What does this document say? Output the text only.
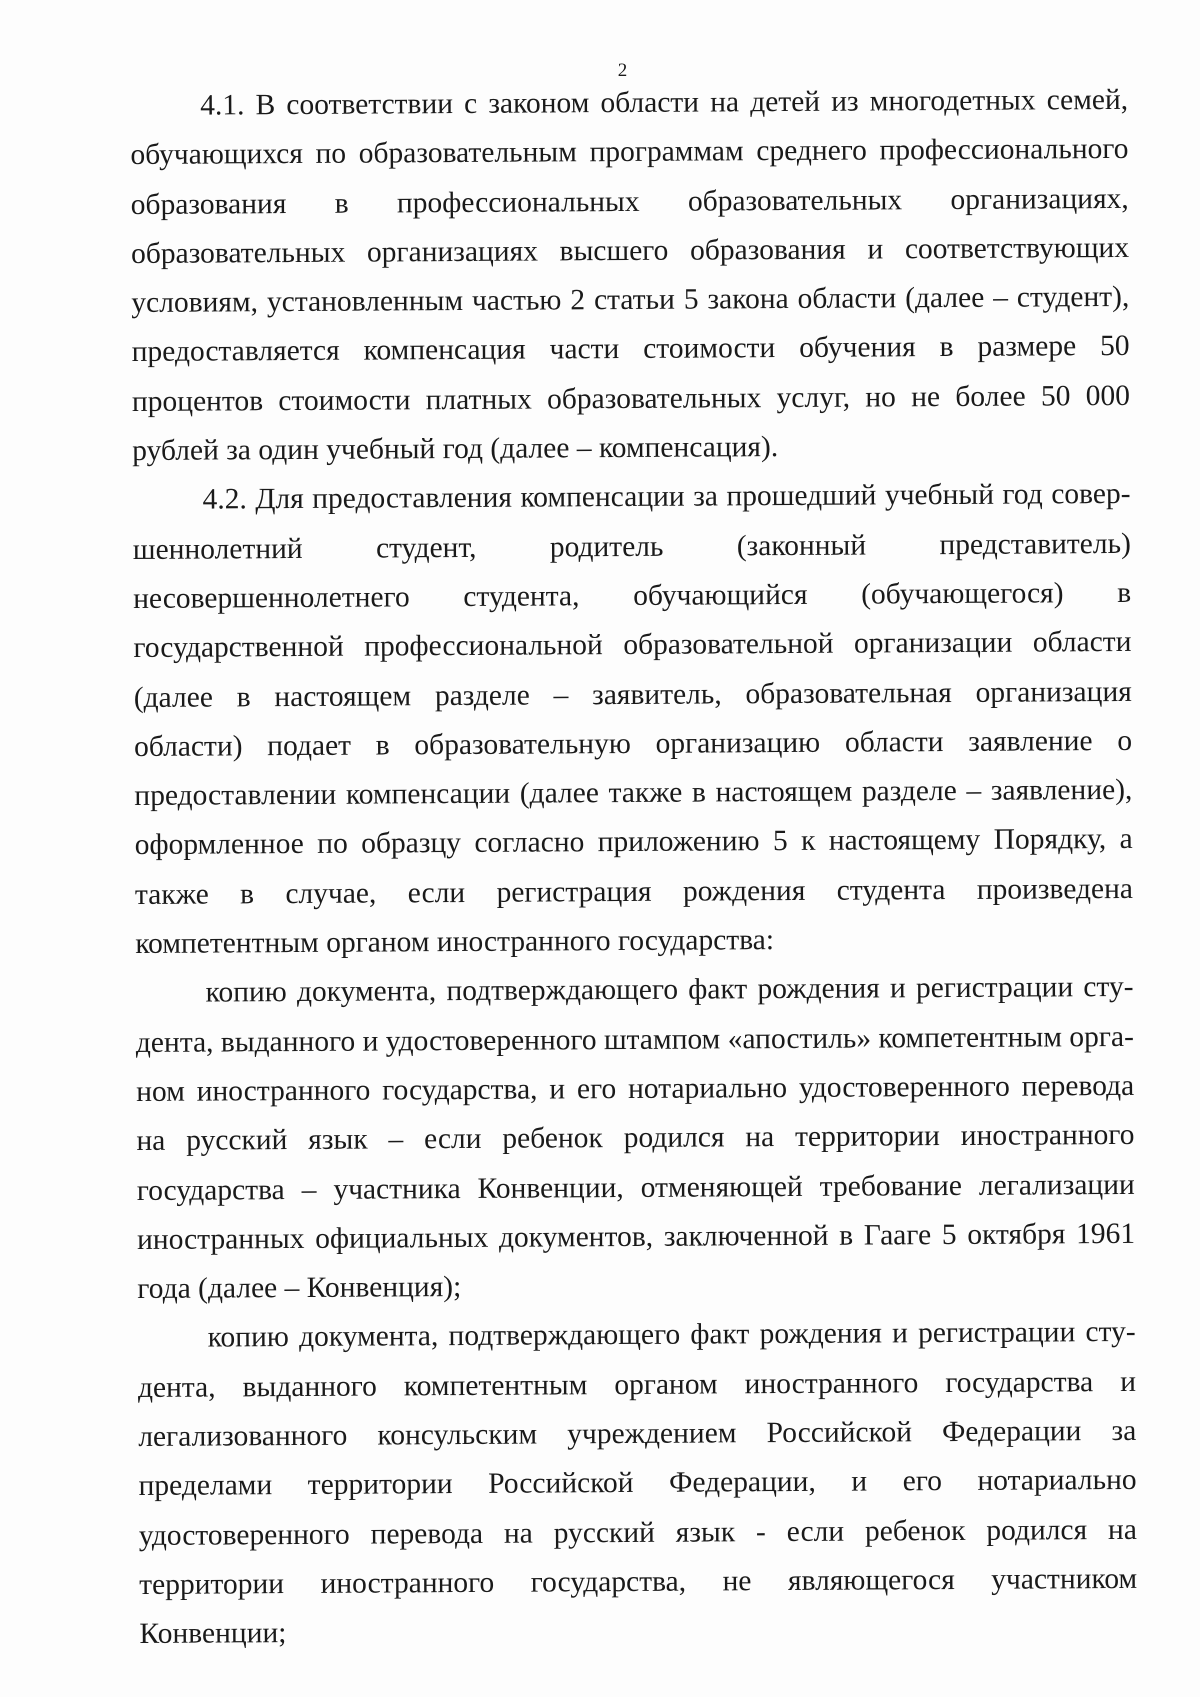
2

4.1. В соответствии с законом области на детей из многодетных семей, обучающихся по образовательным программам среднего профессионального образования в профессиональных образовательных организациях, образовательных организациях высшего образования и соответствующих условиям, установленным частью 2 статьи 5 закона области (далее – студент), предоставляется компенсация части стоимости обучения в размере 50 процентов стоимости платных образовательных услуг, но не более 50 000 рублей за один учебный год (далее – компенсация).

4.2. Для предоставления компенсации за прошедший учебный год совершеннолетний студент, родитель (законный представитель) несовершеннолетнего студента, обучающийся (обучающегося) в государственной профессиональной образовательной организации области (далее в настоящем разделе – заявитель, образовательная организация области) подает в образовательную организацию области заявление о предоставлении компенсации (далее также в настоящем разделе – заявление), оформленное по образцу согласно приложению 5 к настоящему Порядку, а также в случае, если регистрация рождения студента произведена компетентным органом иностранного государства:

копию документа, подтверждающего факт рождения и регистрации студента, выданного и удостоверенного штампом «апостиль» компетентным органом иностранного государства, и его нотариально удостоверенного перевода на русский язык – если ребенок родился на территории иностранного государства – участника Конвенции, отменяющей требование легализации иностранных официальных документов, заключенной в Гааге 5 октября 1961 года (далее – Конвенция);

копию документа, подтверждающего факт рождения и регистрации студента, выданного компетентным органом иностранного государства и легализованного консульским учреждением Российской Федерации за пределами территории Российской Федерации, и его нотариально удостоверенного перевода на русский язык - если ребенок родился на территории иностранного государства, не являющегося участником Конвенции;
